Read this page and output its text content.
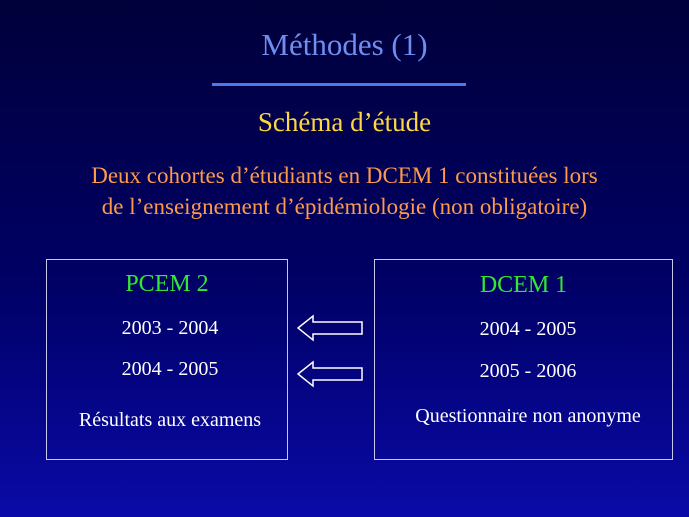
Méthodes (1)
Schéma d’étude
Deux cohortes d’étudiants en DCEM 1 constituées lors
de l’enseignement d’épidémiologie (non obligatoire)
PCEM 2
2003 - 2004
2004 - 2005
Résultats aux examens
DCEM 1
2004 - 2005
2005 - 2006
Questionnaire non anonyme
